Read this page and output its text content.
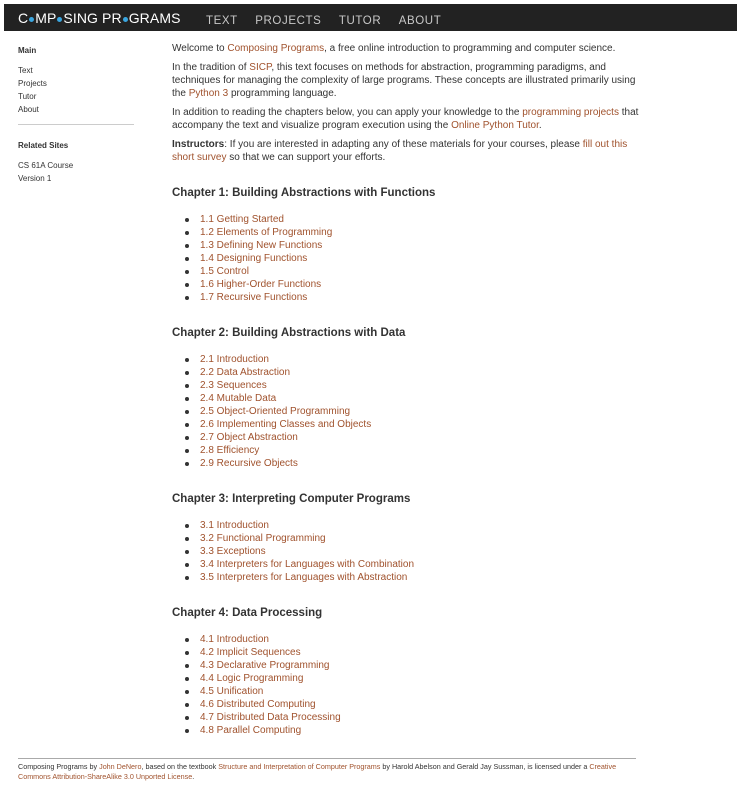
C MP SING PR GRAMS TEXT PROJECTS TUTOR ABOUT
Main
Text
Projects
Tutor
About
Related Sites
CS 61A Course
Version 1

Welcome to Composing Programs, a free online introduction to programming and computer science.

In the tradition of SICP, this text focuses on methods for abstraction, programming paradigms, and techniques for managing the complexity of large programs. These concepts are illustrated primarily using the Python 3 programming language.

In addition to reading the chapters below, you can apply your knowledge to the programming projects that accompany the text and visualize program execution using the Online Python Tutor.

Instructors: If you are interested in adapting any of these materials for your courses, please fill out this short survey so that we can support your efforts.

Chapter 1: Building Abstractions with Functions
1.1 Getting Started
1.2 Elements of Programming
1.3 Defining New Functions
1.4 Designing Functions
1.5 Control
1.6 Higher-Order Functions
1.7 Recursive Functions
Chapter 2: Building Abstractions with Data
2.1 Introduction
2.2 Data Abstraction
2.3 Sequences
2.4 Mutable Data
2.5 Object-Oriented Programming
2.6 Implementing Classes and Objects
2.7 Object Abstraction
2.8 Efficiency
2.9 Recursive Objects
Chapter 3: Interpreting Computer Programs
3.1 Introduction
3.2 Functional Programming
3.3 Exceptions
3.4 Interpreters for Languages with Combination
3.5 Interpreters for Languages with Abstraction
Chapter 4: Data Processing
4.1 Introduction
4.2 Implicit Sequences
4.3 Declarative Programming
4.4 Logic Programming
4.5 Unification
4.6 Distributed Computing
4.7 Distributed Data Processing
4.8 Parallel Computing
Composing Programs by John DeNero, based on the textbook Structure and Interpretation of Computer Programs by Harold Abelson and Gerald Jay Sussman, is licensed under a Creative Commons Attribution-ShareAlike 3.0 Unported License.
